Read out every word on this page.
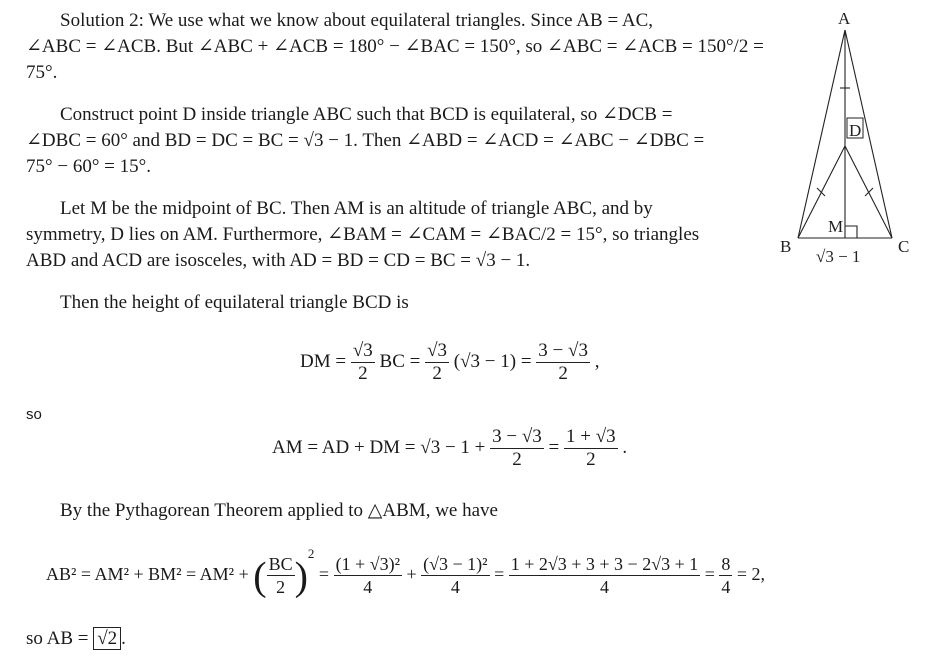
Solution 2: We use what we know about equilateral triangles. Since AB = AC,
∠ABC = ∠ACB. But ∠ABC + ∠ACB = 180° − ∠BAC = 150°, so ∠ABC = ∠ACB = 150°/2 =
75°.
Construct point D inside triangle ABC such that BCD is equilateral, so ∠DCB =
∠DBC = 60° and BD = DC = BC = √3 − 1. Then ∠ABD = ∠ACD = ∠ABC − ∠DBC =
75° − 60° = 15°.
Let M be the midpoint of BC. Then AM is an altitude of triangle ABC, and by
symmetry, D lies on AM. Furthermore, ∠BAM = ∠CAM = ∠BAC/2 = 15°, so triangles
ABD and ACD are isosceles, with AD = BD = CD = BC = √3 − 1.
Then the height of equilateral triangle BCD is
DM = $\frac{√3}{2}$ BC = $\frac{√3}{2} (√3 - 1) = \frac{3 - √3}{2}$ ,
so
AM = AD + DM = $√3 - 1 + \frac{3 - √3}{2} = \frac{1 + √3}{2}$ .
By the Pythagorean Theorem applied to △ABM, we have
AB² = AM² + BM² = AM² + ( $\frac{BC}{2} )^2 = \frac{\text{(1 + √3)²}}{4} + \frac{\text{(√3 − 1)²}}{4} = \frac{1 + 2√3 + 3 + 3 - 2√3 + 1}{4} = \frac{8}{4} = 2$,
so AB = √2 .
A
B	C
D
M
√3 − 1
